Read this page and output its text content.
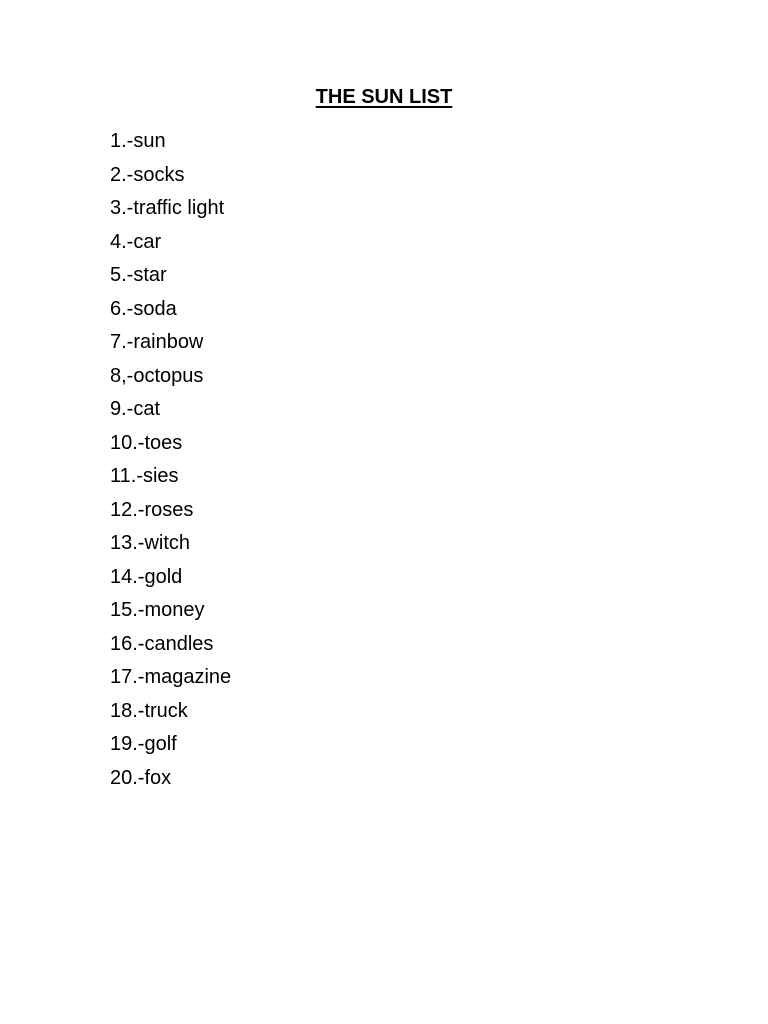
THE SUN LIST
1.-sun
2.-socks
3.-traffic light
4.-car
5.-star
6.-soda
7.-rainbow
8,-octopus
9.-cat
10.-toes
11.-sies
12.-roses
13.-witch
14.-gold
15.-money
16.-candles
17.-magazine
18.-truck
19.-golf
20.-fox
